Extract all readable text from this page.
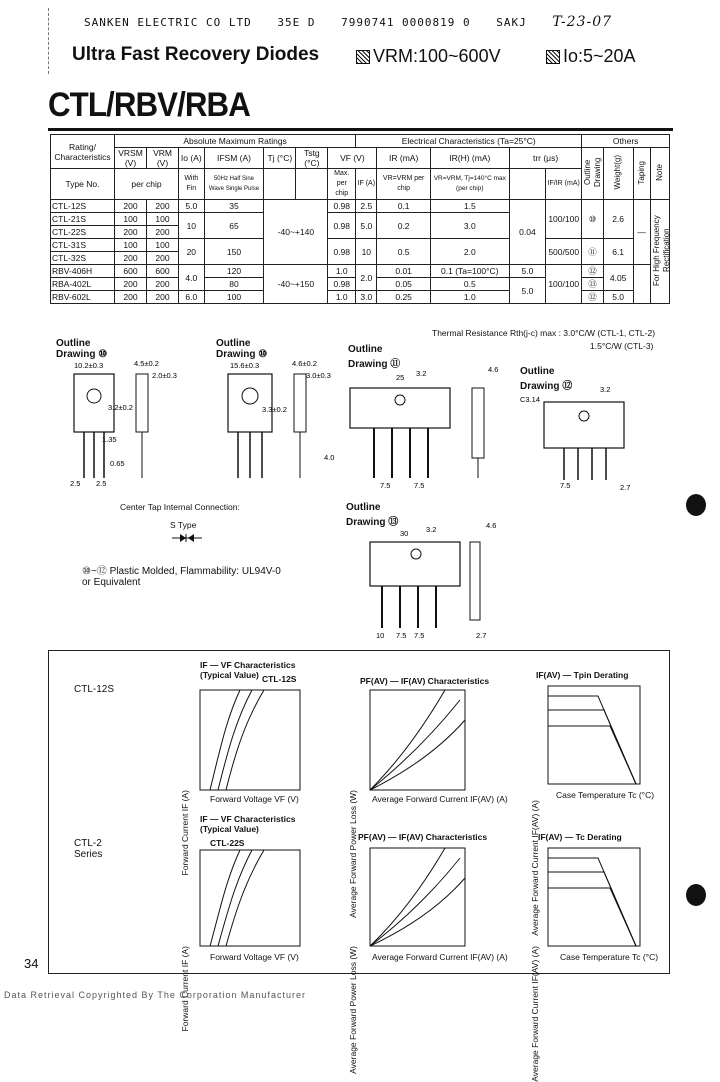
SANKEN ELECTRIC CO LTD 35E D 7990741 0000819 0 SAKJ T-23-07
Ultra Fast Recovery Diodes	VRM:100~600V	Io:5~20A
CTL/RBV/RBA
Rating/ Characteristics	Absolute Maximum Ratings							Electrical Characteristics (Ta=25°C)					Others			
	VRSM (V)	VRM (V)	Io (A)	IFSM (A)	Tj (°C)	Tstg (°C)	VF (V)		IR (mA)	IR(H) (mA)	trr (μs)		Outline Drawing	Weight(g)	Taping	Note
Type No.	per chip		With Fin	50Hz Half Sine Wave Single Pulse			Max. per chip	IF (A)	VR=VRM per chip	VR=VRM, Tj=140°C max (per chip)		IF/IR (mA)				
CTL-12S	200	200	5.0	35	-40~+140		0.98	2.5	0.1	1.5	0.04	100/100	⑩	2.6	—	For High Frequency Rectification
CTL-21S	100	100	10	65			0.98	5.0	0.2	3.0						
CTL-22S	200	200														
CTL-31S	100	100	20	150			0.98	10	0.5	2.0		500/500	⑪	6.1		
CTL-32S	200	200														
RBV-406H	600	600	4.0	120	-40~+150		1.0	2.0	0.01	0.1 (Ta=100°C)	5.0	100/100	⑫	4.05		
RBA-402L	200	200		80			0.98		0.05	0.5	5.0		⑬			
RBV-602L	200	200	6.0	100			1.0	3.0	0.25	1.0			⑫	5.0		
Thermal Resistance Rth(j-c) max : 3.0°C/W (CTL-1, CTL-2)
1.5°C/W (CTL-3)
Outline Drawing ⑩
10.2±0.3	4.5±0.2
2.0±0.3
3.2±0.2
1.35
0.65
2.5 2.5
Outline Drawing ⑩
15.6±0.3	4.6±0.2
3.0±0.3
3.3±0.2
Outline Drawing ⑪
25 3.2	4.6
4.0
7.5	7.5
Outline Drawing ⑫	3.2
C3.14
7.5	2.7
Center Tap Internal Connection:
S Type
⑩~⑫ Plastic Molded, Flammability: UL94V-0 or Equivalent
Outline Drawing ⑬
30 3.2	4.6
10 7.5 7.5	2.7
CTL-12S
CTL-2 Series
IF — VF Characteristics (Typical Value) CTL-12S
Forward Voltage VF (V)
Forward Current IF (A)
PF(AV) — IF(AV) Characteristics
Average Forward Current IF(AV) (A)
Average Forward Power Loss (W)
IF(AV) — Tpin Derating
Case Temperature Tc (°C)
Average Forward Current IF(AV) (A)
IF — VF Characteristics (Typical Value)
CTL-22S
Forward Voltage VF (V)
Forward Current IF (A)
PF(AV) — IF(AV) Characteristics
Average Forward Current IF(AV) (A)
Average Forward Power Loss (W)
IF(AV) — Tc Derating
Case Temperature Tc (°C)
Average Forward Current IF(AV) (A)
34
Data Retrieval Copyrighted By The Corporation Manufacturer
